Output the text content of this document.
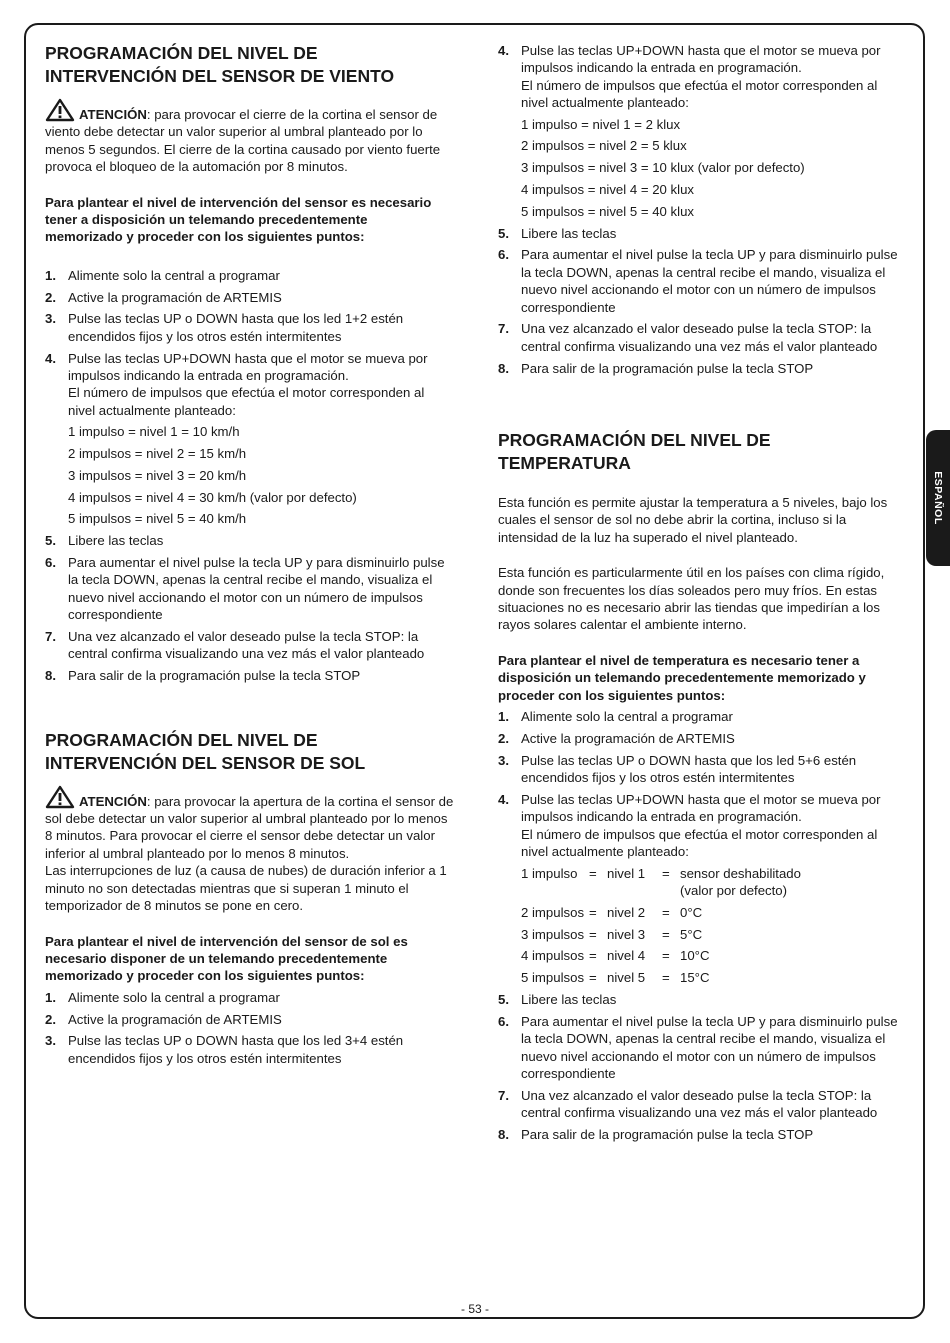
ESPAÑOL
PROGRAMACIÓN DEL NIVEL DE INTERVENCIÓN DEL SENSOR DE VIENTO

ATENCIÓN: para provocar el cierre de la cortina el sensor de viento debe detectar un valor superior al umbral planteado por lo menos 5 segundos. El cierre de la cortina causado por viento fuerte provoca el bloqueo de la automación por 8 minutos.

Para plantear el nivel de intervención del sensor es necesario tener a disposición un telemando precedentemente memorizado y proceder con los siguientes puntos:

1. Alimente solo la central a programar
2. Active la programación de ARTEMIS
3. Pulse las teclas UP o DOWN hasta que los led 1+2 estén encendidos fijos y los otros estén intermitentes
4. Pulse las teclas UP+DOWN hasta que el motor se mueva por impulsos indicando la entrada en programación.
El número de impulsos que efectúa el motor corresponden al nivel actualmente planteado:
1 impulso = nivel 1 = 10 km/h
2 impulsos = nivel 2 = 15 km/h
3 impulsos = nivel 3 = 20 km/h
4 impulsos = nivel 4 = 30 km/h (valor por defecto)
5 impulsos = nivel 5 = 40 km/h
5. Libere las teclas
6. Para aumentar el nivel pulse la tecla UP y para disminuirlo pulse la tecla DOWN, apenas la central recibe el mando, visualiza el nuevo nivel accionando el motor con un número de impulsos correspondiente
7. Una vez alcanzado el valor deseado pulse la tecla STOP: la central confirma visualizando una vez más el valor planteado
8. Para salir de la programación pulse la tecla STOP
PROGRAMACIÓN DEL NIVEL DE INTERVENCIÓN DEL SENSOR DE SOL

ATENCIÓN: para provocar la apertura de la cortina el sensor de sol debe detectar un valor superior al umbral planteado por lo menos 8 minutos. Para provocar el cierre el sensor debe detectar un valor inferior al umbral planteado por lo menos 8 minutos.
Las interrupciones de luz (a causa de nubes) de duración inferior a 1 minuto no son detectadas mientras que si superan 1 minuto el temporizador de 8 minutos se pone en cero.

Para plantear el nivel de intervención del sensor de sol es necesario disponer de un telemando precedentemente memorizado y proceder con los siguientes puntos:

1. Alimente solo la central a programar
2. Active la programación de ARTEMIS
3. Pulse las teclas UP o DOWN hasta que los led 3+4 estén encendidos fijos y los otros estén intermitentes
4. Pulse las teclas UP+DOWN hasta que el motor se mueva por impulsos indicando la entrada en programación.
El número de impulsos que efectúa el motor corresponden al nivel actualmente planteado:
1 impulso = nivel 1 = 2 klux
2 impulsos = nivel 2 = 5 klux
3 impulsos = nivel 3 = 10 klux (valor por defecto)
4 impulsos = nivel 4 = 20 klux
5 impulsos = nivel 5 = 40 klux
5. Libere las teclas
6. Para aumentar el nivel pulse la tecla UP y para disminuirlo pulse la tecla DOWN, apenas la central recibe el mando, visualiza el nuevo nivel accionando el motor con un número de impulsos correspondiente
7. Una vez alcanzado el valor deseado pulse la tecla STOP: la central confirma visualizando una vez más el valor planteado
8. Para salir de la programación pulse la tecla STOP
PROGRAMACIÓN DEL NIVEL DE TEMPERATURA

Esta función es permite ajustar la temperatura a 5 niveles, bajo los cuales el sensor de sol no debe abrir la cortina, incluso si la intensidad de la luz ha superado el nivel planteado.

Esta función es particularmente útil en los países con clima rígido, donde son frecuentes los días soleados pero muy fríos. En estas situaciones no es necesario abrir las tiendas que impedirían a los rayos solares calentar el ambiente interno.

Para plantear el nivel de temperatura es necesario tener a disposición un telemando precedentemente memorizado y proceder con los siguientes puntos:

1. Alimente solo la central a programar
2. Active la programación de ARTEMIS
3. Pulse las teclas UP o DOWN hasta que los led 5+6 estén encendidos fijos y los otros estén intermitentes
4. Pulse las teclas UP+DOWN hasta que el motor se mueva por impulsos indicando la entrada en programación.
El número de impulsos que efectúa el motor corresponden al nivel actualmente planteado:
1 impulso = nivel 1	= sensor deshabilitado
(valor por defecto)
2 impulsos = nivel 2	= 0°C
3 impulsos = nivel 3	= 5°C
4 impulsos = nivel 4	= 10°C
5 impulsos = nivel 5	= 15°C
5. Libere las teclas
6. Para aumentar el nivel pulse la tecla UP y para disminuirlo pulse la tecla DOWN, apenas la central recibe el mando, visualiza el nuevo nivel accionando el motor con un número de impulsos correspondiente
7. Una vez alcanzado el valor deseado pulse la tecla STOP: la central confirma visualizando una vez más el valor planteado
8. Para salir de la programación pulse la tecla STOP
- 53 -
